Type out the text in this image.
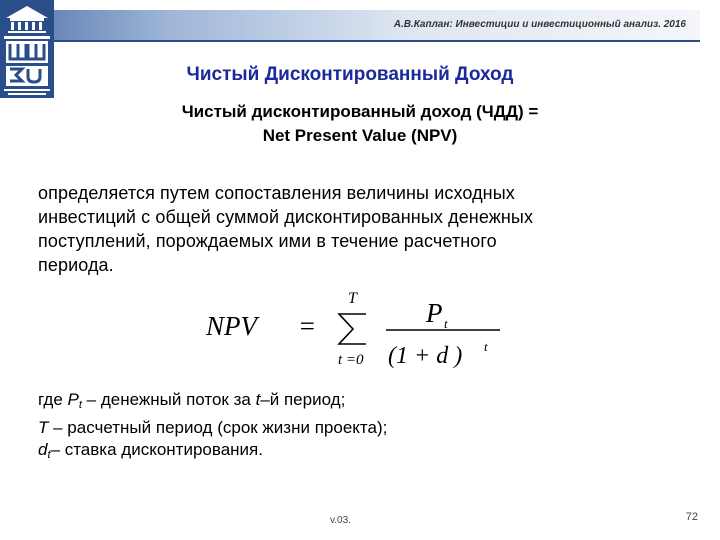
А.В.Каплан: Инвестиции и инвестиционный анализ. 2016
Чистый Дисконтированный Доход
Чистый дисконтированный доход (ЧДД) =
Net Present Value (NPV)
определяется путем сопоставления величины исходных
инвестиций с общей суммой дисконтированных денежных
поступлений, порождаемых ими в течение расчетного
периода.
NPV =
T
t =0
P t
(1 + d ) t
где $P_t$ – денежный поток за t–й период;
T – расчетный период (срок жизни проекта);
$d_t-$ ставка дисконтирования.
v.03.	72
